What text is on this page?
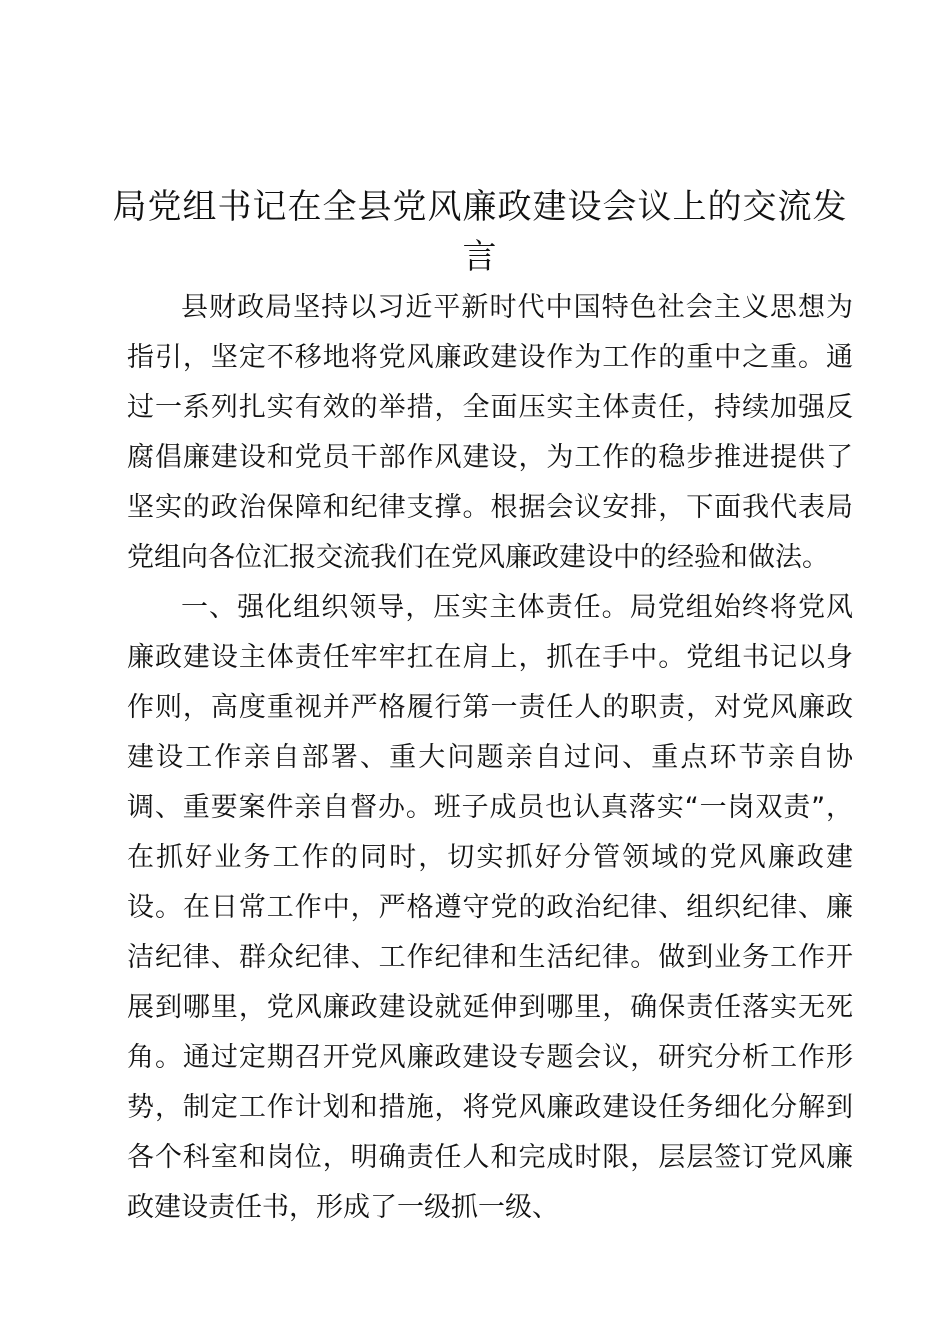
局党组书记在全县党风廉政建设会议上的交流发言

县财政局坚持以习近平新时代中国特色社会主义思想为指引，坚定不移地将党风廉政建设作为工作的重中之重。通过一系列扎实有效的举措，全面压实主体责任，持续加强反腐倡廉建设和党员干部作风建设，为工作的稳步推进提供了坚实的政治保障和纪律支撑。根据会议安排，下面我代表局党组向各位汇报交流我们在党风廉政建设中的经验和做法。

一、强化组织领导，压实主体责任。局党组始终将党风廉政建设主体责任牢牢扛在肩上，抓在手中。党组书记以身作则，高度重视并严格履行第一责任人的职责，对党风廉政建设工作亲自部署、重大问题亲自过问、重点环节亲自协调、重要案件亲自督办。班子成员也认真落实“一岗双责”，在抓好业务工作的同时，切实抓好分管领域的党风廉政建设。在日常工作中，严格遵守党的政治纪律、组织纪律、廉洁纪律、群众纪律、工作纪律和生活纪律。做到业务工作开展到哪里，党风廉政建设就延伸到哪里，确保责任落实无死角。通过定期召开党风廉政建设专题会议，研究分析工作形势，制定工作计划和措施，将党风廉政建设任务细化分解到各个科室和岗位，明确责任人和完成时限，层层签订党风廉政建设责任书，形成了一级抓一级、
